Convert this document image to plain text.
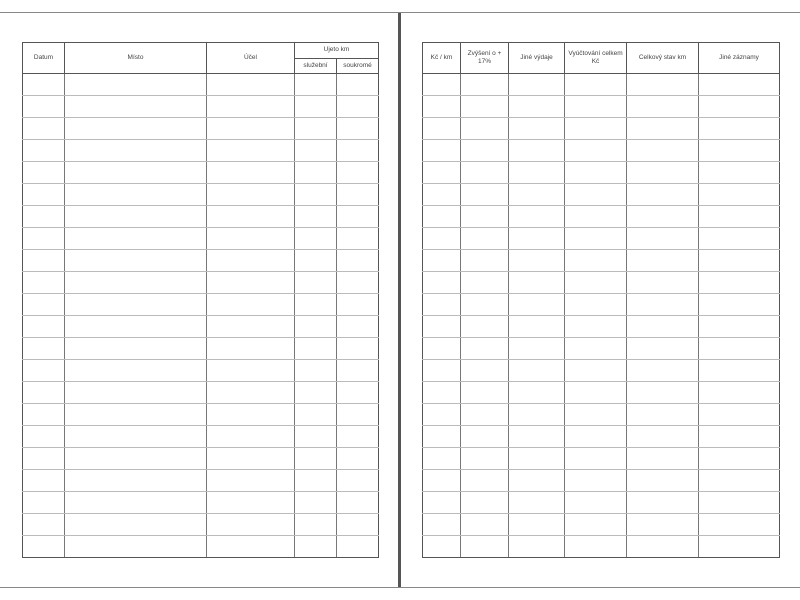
Datum	Místo	Účel	Ujeto km	
			služební	soukromé

Kč / km	Zvýšení o + 17%	Jiné výdaje	Vyúčtování celkem Kč	Celkový stav km	Jiné záznamy
